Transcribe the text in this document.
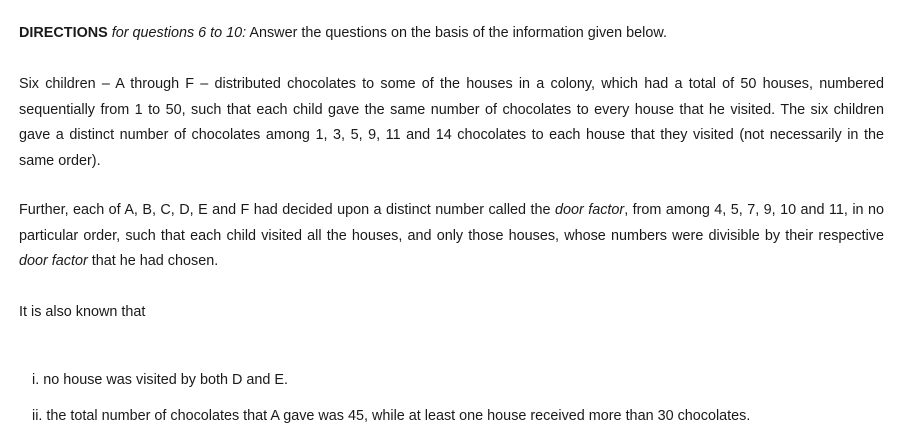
DIRECTIONS for questions 6 to 10: Answer the questions on the basis of the information given below.

Six children – A through F – distributed chocolates to some of the houses in a colony, which had a total of 50 houses, numbered sequentially from 1 to 50, such that each child gave the same number of chocolates to every house that he visited. The six children gave a distinct number of chocolates among 1, 3, 5, 9, 11 and 14 chocolates to each house that they visited (not necessarily in the same order).

Further, each of A, B, C, D, E and F had decided upon a distinct number called the door factor, from among 4, 5, 7, 9, 10 and 11, in no particular order, such that each child visited all the houses, and only those houses, whose numbers were divisible by their respective door factor that he had chosen.

It is also known that

i. no house was visited by both D and E.
ii. the total number of chocolates that A gave was 45, while at least one house received more than 30 chocolates.
